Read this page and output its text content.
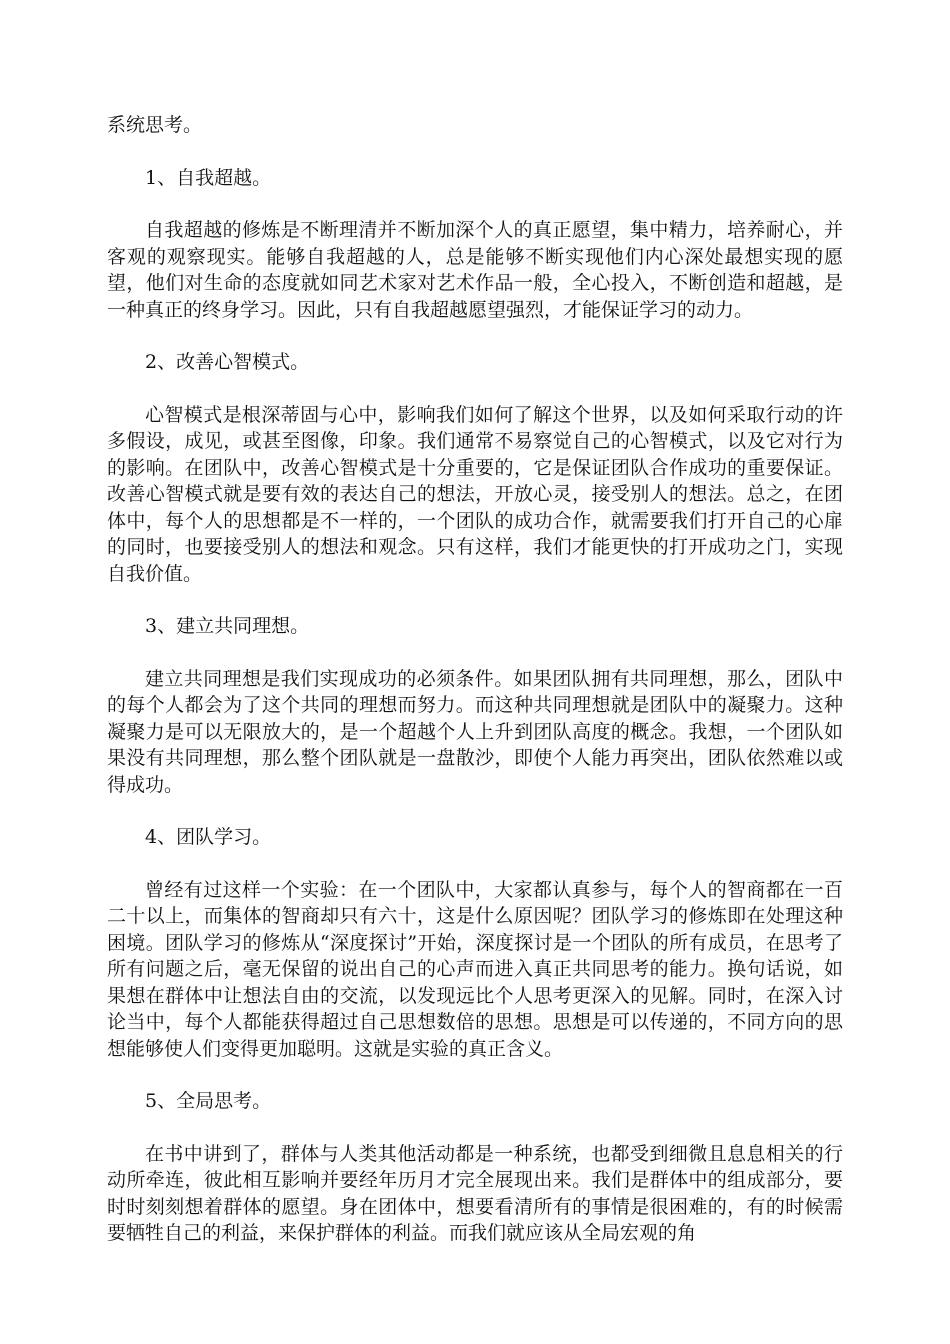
系统思考。

1、自我超越。

自我超越的修炼是不断理清并不断加深个人的真正愿望，集中精力，培养耐心，并客观的观察现实。能够自我超越的人，总是能够不断实现他们内心深处最想实现的愿望，他们对生命的态度就如同艺术家对艺术作品一般，全心投入，不断创造和超越，是一种真正的终身学习。因此，只有自我超越愿望强烈，才能保证学习的动力。

2、改善心智模式。

心智模式是根深蒂固与心中，影响我们如何了解这个世界，以及如何采取行动的许多假设，成见，或甚至图像，印象。我们通常不易察觉自己的心智模式，以及它对行为的影响。在团队中，改善心智模式是十分重要的，它是保证团队合作成功的重要保证。改善心智模式就是要有效的表达自己的想法，开放心灵，接受别人的想法。总之，在团体中，每个人的思想都是不一样的，一个团队的成功合作，就需要我们打开自己的心扉的同时，也要接受别人的想法和观念。只有这样，我们才能更快的打开成功之门，实现自我价值。

3、建立共同理想。

建立共同理想是我们实现成功的必须条件。如果团队拥有共同理想，那么，团队中的每个人都会为了这个共同的理想而努力。而这种共同理想就是团队中的凝聚力。这种凝聚力是可以无限放大的，是一个超越个人上升到团队高度的概念。我想，一个团队如果没有共同理想，那么整个团队就是一盘散沙，即使个人能力再突出，团队依然难以或得成功。

4、团队学习。

曾经有过这样一个实验：在一个团队中，大家都认真参与，每个人的智商都在一百二十以上，而集体的智商却只有六十，这是什么原因呢？团队学习的修炼即在处理这种困境。团队学习的修炼从“深度探讨”开始，深度探讨是一个团队的所有成员，在思考了所有问题之后，毫无保留的说出自己的心声而进入真正共同思考的能力。换句话说，如果想在群体中让想法自由的交流，以发现远比个人思考更深入的见解。同时，在深入讨论当中，每个人都能获得超过自己思想数倍的思想。思想是可以传递的，不同方向的思想能够使人们变得更加聪明。这就是实验的真正含义。

5、全局思考。

在书中讲到了，群体与人类其他活动都是一种系统，也都受到细微且息息相关的行动所牵连，彼此相互影响并要经年历月才完全展现出来。我们是群体中的组成部分，要时时刻刻想着群体的愿望。身在团体中，想要看清所有的事情是很困难的，有的时候需要牺牲自己的利益，来保护群体的利益。而我们就应该从全局宏观的角
